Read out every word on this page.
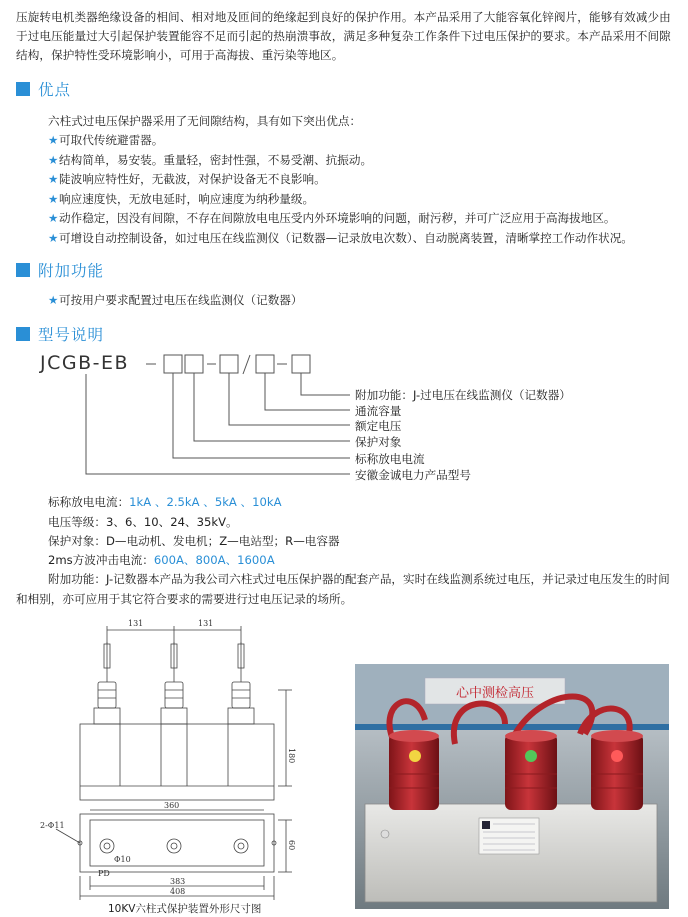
压旋转电机类器绝缘设备的相间、相对地及匝间的绝缘起到良好的保护作用。本产品采用了大能容氧化锌阀片，能够有效减少由于过电压能量过大引起保护装置能容不足而引起的热崩溃事故，满足多种复杂工作条件下过电压保护的要求。本产品采用不间隙结构，保护特性受环境影响小，可用于高海拔、重污染等地区。
优点
六柱式过电压保护器采用了无间隙结构，具有如下突出优点：
★ 可取代传统避雷器。
★ 结构简单，易安装。重量轻，密封性强，不易受潮、抗振动。
★ 陡波响应特性好，无截波，对保护设备无不良影响。
★ 响应速度快，无放电延时，响应速度为纳秒量级。
★ 动作稳定，因没有间隙，不存在间隙放电电压受内外环境影响的问题，耐污秽，并可广泛应用于高海拔地区。
★ 可增设自动控制设备，如过电压在线监测仪（记数器—记录放电次数）、自动脱离装置，清晰掌控工作动作状况。
附加功能
★ 可按用户要求配置过电压在线监测仪（记数器）
型号说明
JCGB-EB
附加功能：J-过电压在线监测仪（记数器）
通流容量
额定电压
保护对象
标称放电电流
安徽金诚电力产品型号
标称放电电流：1kA 、2.5kA 、5kA 、10kA
电压等级：3、6、10、24、35kV。
保护对象：D—电动机、发电机；Z—电站型；R—电容器
2ms方波冲击电流：600A、800A、1600A
附加功能：J-记数器本产品为我公司六柱式过电压保护器的配套产品，实时在线监测系统过电压，并记录过电压发生的时间和相别，亦可应用于其它符合要求的需要进行过电压记录的场所。
131	131
180
360
2-Φ11
Φ10
60
PD
383
408
10KV六柱式保护装置外形尺寸图
心中测检高压
